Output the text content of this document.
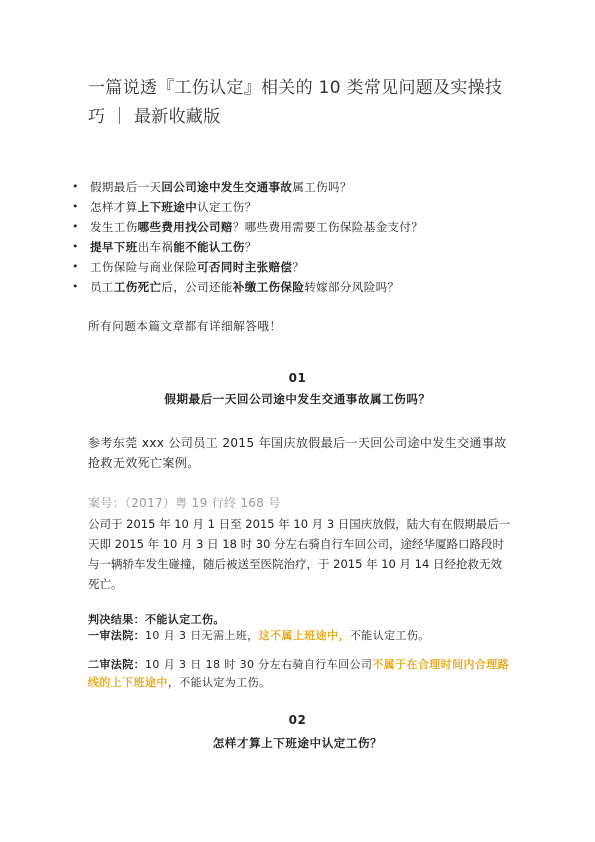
一篇说透『工伤认定』相关的 10 类常见问题及实操技巧 ｜ 最新收藏版
• 假期最后一天回公司途中发生交通事故属工伤吗？
• 怎样才算上下班途中认定工伤？
• 发生工伤哪些费用找公司赔？哪些费用需要工伤保险基金支付？
• 提早下班出车祸能不能认工伤？
• 工伤保险与商业保险可否同时主张赔偿？
• 员工工伤死亡后，公司还能补缴工伤保险转嫁部分风险吗？
所有问题本篇文章都有详细解答哦！
01
假期最后一天回公司途中发生交通事故属工伤吗？
参考东莞 xxx 公司员工 2015 年国庆放假最后一天回公司途中发生交通事故抢救无效死亡案例。
案号：（2017）粤 19 行终 168 号
公司于 2015 年 10 月 1 日至 2015 年 10 月 3 日国庆放假，陆大有在假期最后一天即 2015 年 10 月 3 日 18 时 30 分左右骑自行车回公司，途经华厦路口路段时与一辆轿车发生碰撞，随后被送至医院治疗，于 2015 年 10 月 14 日经抢救无效死亡。
判决结果：不能认定工伤。
一审法院：10 月 3 日无需上班，这不属上班途中，不能认定工伤。
二审法院：10 月 3 日 18 时 30 分左右骑自行车回公司不属于在合理时间内合理路线的上下班途中，不能认定为工伤。
02
怎样才算上下班途中认定工伤？
